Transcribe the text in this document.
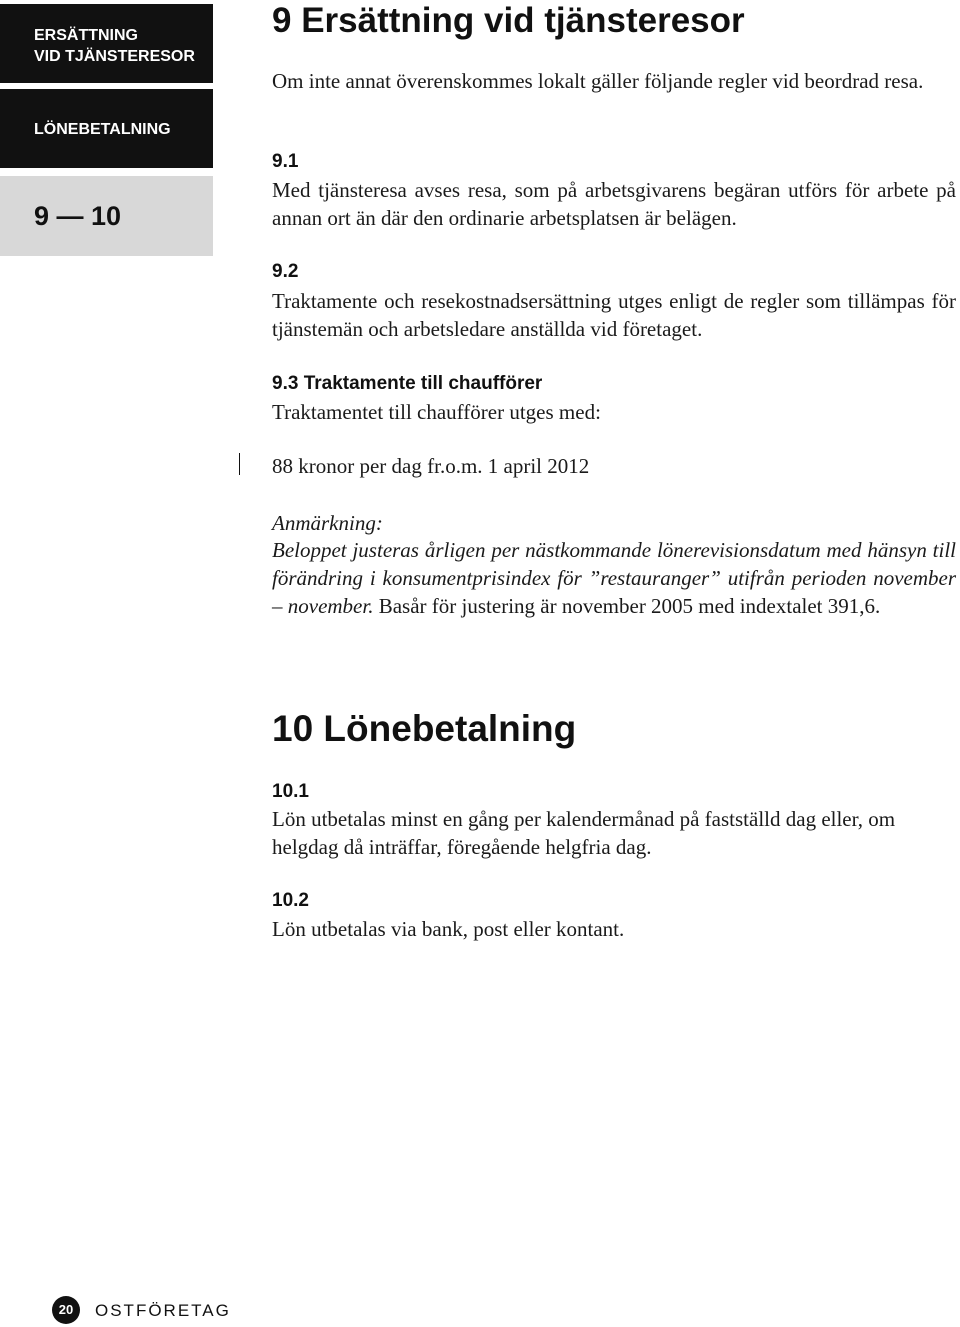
ERSÄTTNING
VID TJÄNSTERESOR
LÖNEBETALNING
9 — 10
9 Ersättning vid tjänsteresor

Om inte annat överenskommes lokalt gäller följande regler vid beordrad resa.

9.1

Med tjänsteresa avses resa, som på arbetsgivarens begäran utförs för arbete på annan ort än där den ordinarie arbetsplatsen är belägen.

9.2

Traktamente och resekostnadsersättning utges enligt de regler som tillämpas för tjänstemän och arbetsledare anställda vid företaget.

9.3 Traktamente till chaufförer

Traktamentet till chaufförer utges med:

88 kronor per dag fr.o.m. 1 april 2012

Anmärkning:

Beloppet justeras årligen per nästkommande lönerevisionsdatum med hänsyn till förändring i konsumentprisindex för ”restauranger” utifrån perioden november – november. Basår för justering är november 2005 med indextalet 391,6.

10 Lönebetalning
10.1

Lön utbetalas minst en gång per kalendermånad på fastställd dag eller, om helgdag då inträffar, föregående helgfria dag.

10.2

Lön utbetalas via bank, post eller kontant.

20	OSTFÖRETAG
